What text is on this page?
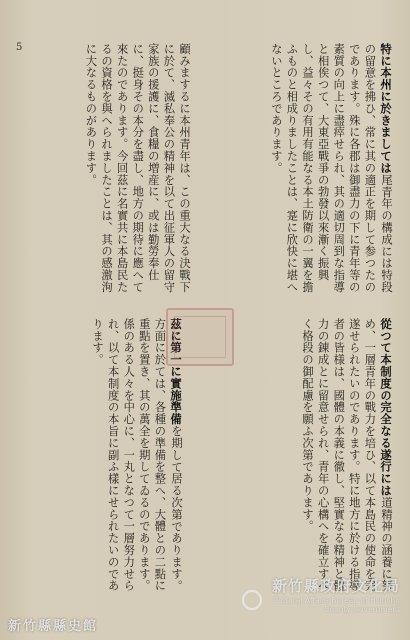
5	特に本州に於きましては尾青年の構成には特段の留意を拂ひ、常に其の適正を期して参つたのであります。殊に各郡は御盡力の下に青年等の素質の向上に盡瘁せられ、其の適切周到な指導と相俟つて、大東亞戰爭の勃發以來漸く振興し、益々その有用有能なる本土防衛の一翼を擔ふものと相成りましたことは、寔に欣快に堪へないところであります。
顧みまするに本州青年は、この重大なる決戰下に於て、滅私奉公の精神を以て出征軍人の留守家族の援護に、食糧の増産に、或は勤勞奉仕に、挺身その本分を盡し、地方の期待に應へて來たのであります。今回茲に名實共に本島民たるの資格を與へられましたことは、其の感激洵に大なるものがあります。
從つて本制度の完全なる遂行には道精神の涵養に努め、一層青年の戰力を培ひ、以て本島民の使命を完遂せられたいのであります。特に地方に於ける指導者の皆様は、國體の本義に徹し、堅實なる精神と體力の錬成とに留意せられ、青年の心構へを確立すべく格段の御配慮を願ふ次第であります。
茲に第一に實施準備を期して居る次第であります。方面に於ては、各種の準備を整へ、大體との二點に重點を置き、其の萬全を期してゐるのであります。係のある人々を中心に、一丸となつて一層努力せられ、以て本制度の本旨に副ふ樣にせられたいのであります。
新竹縣政府文化局
Cultural Affairs Bureau of Hsinchu
County Government
新竹縣縣史館
